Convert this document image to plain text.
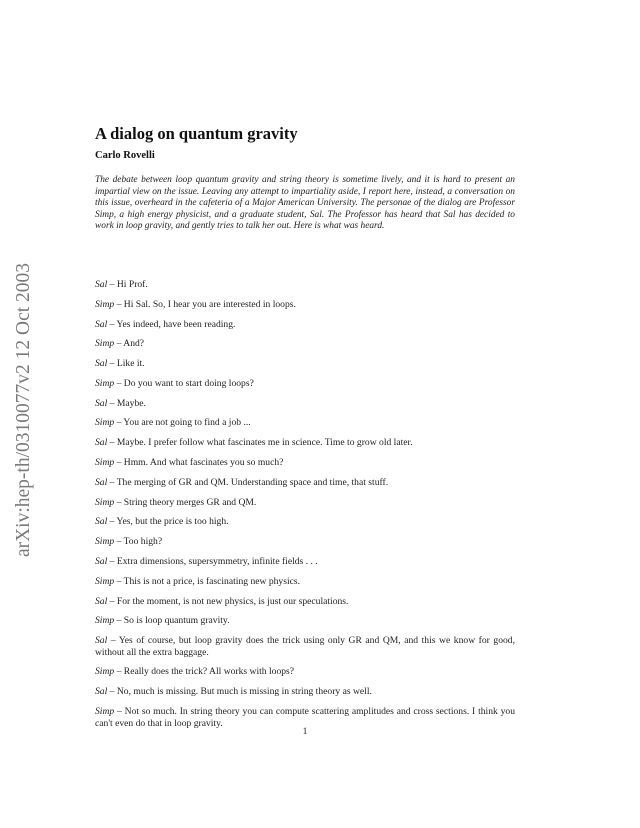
arXiv:hep-th/0310077v2 12 Oct 2003
A dialog on quantum gravity
Carlo Rovelli

The debate between loop quantum gravity and string theory is sometime lively, and it is hard to present an impartial view on the issue. Leaving any attempt to impartiality aside, I report here, instead, a conversation on this issue, overheard in the cafeteria of a Major American University. The personae of the dialog are Professor Simp, a high energy physicist, and a graduate student, Sal. The Professor has heard that Sal has decided to work in loop gravity, and gently tries to talk her out. Here is what was heard.

Sal – Hi Prof.

Simp – Hi Sal. So, I hear you are interested in loops.

Sal – Yes indeed, have been reading.

Simp – And?

Sal – Like it.

Simp – Do you want to start doing loops?

Sal – Maybe.

Simp – You are not going to find a job ...

Sal – Maybe. I prefer follow what fascinates me in science. Time to grow old later.

Simp – Hmm. And what fascinates you so much?

Sal – The merging of GR and QM. Understanding space and time, that stuff.

Simp – String theory merges GR and QM.

Sal – Yes, but the price is too high.

Simp – Too high?

Sal – Extra dimensions, supersymmetry, infinite fields . . .

Simp – This is not a price, is fascinating new physics.

Sal – For the moment, is not new physics, is just our speculations.

Simp – So is loop quantum gravity.

Sal – Yes of course, but loop gravity does the trick using only GR and QM, and this we know for good, without all the extra baggage.

Simp – Really does the trick? All works with loops?

Sal – No, much is missing. But much is missing in string theory as well.

Simp – Not so much. In string theory you can compute scattering amplitudes and cross sections. I think you can't even do that in loop gravity.

1
